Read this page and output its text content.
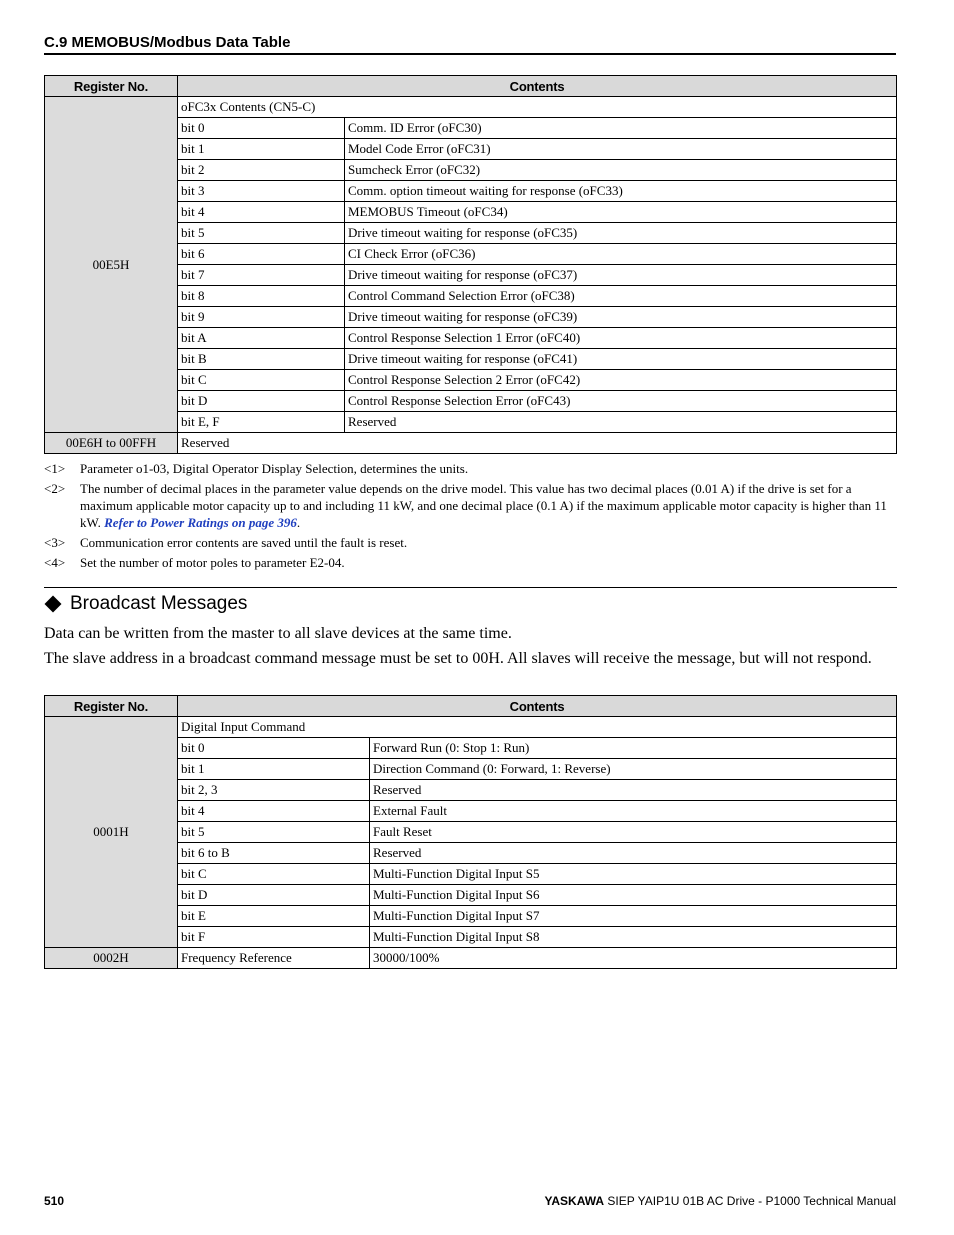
C.9 MEMOBUS/Modbus Data Table
Register No.	Contents	
00E5H	oFC3x Contents (CN5-C)	
	bit 0	Comm. ID Error (oFC30)
	bit 1	Model Code Error (oFC31)
	bit 2	Sumcheck Error (oFC32)
	bit 3	Comm. option timeout waiting for response (oFC33)
	bit 4	MEMOBUS Timeout (oFC34)
	bit 5	Drive timeout waiting for response (oFC35)
	bit 6	CI Check Error (oFC36)
	bit 7	Drive timeout waiting for response (oFC37)
	bit 8	Control Command Selection Error (oFC38)
	bit 9	Drive timeout waiting for response (oFC39)
	bit A	Control Response Selection 1 Error (oFC40)
	bit B	Drive timeout waiting for response (oFC41)
	bit C	Control Response Selection 2 Error (oFC42)
	bit D	Control Response Selection Error (oFC43)
	bit E, F	Reserved
00E6H to 00FFH	Reserved	
<1>	Parameter o1-03, Digital Operator Display Selection, determines the units.
<2>	The number of decimal places in the parameter value depends on the drive model. This value has two decimal places (0.01 A) if the drive is set for a maximum applicable motor capacity up to and including 11 kW, and one decimal place (0.1 A) if the maximum applicable motor capacity is higher than 11 kW. Refer to Power Ratings on page 396.
<3>	Communication error contents are saved until the fault is reset.
<4>	Set the number of motor poles to parameter E2-04.
Broadcast Messages
Data can be written from the master to all slave devices at the same time.
The slave address in a broadcast command message must be set to 00H. All slaves will receive the message, but will not respond.
Register No.	Contents	
0001H	Digital Input Command	
	bit 0	Forward Run (0: Stop 1: Run)
	bit 1	Direction Command (0: Forward, 1: Reverse)
	bit 2, 3	Reserved
	bit 4	External Fault
	bit 5	Fault Reset
	bit 6 to B	Reserved
	bit C	Multi-Function Digital Input S5
	bit D	Multi-Function Digital Input S6
	bit E	Multi-Function Digital Input S7
	bit F	Multi-Function Digital Input S8
0002H	Frequency Reference	30000/100%
510	YASKAWA SIEP YAIP1U 01B AC Drive - P1000 Technical Manual
